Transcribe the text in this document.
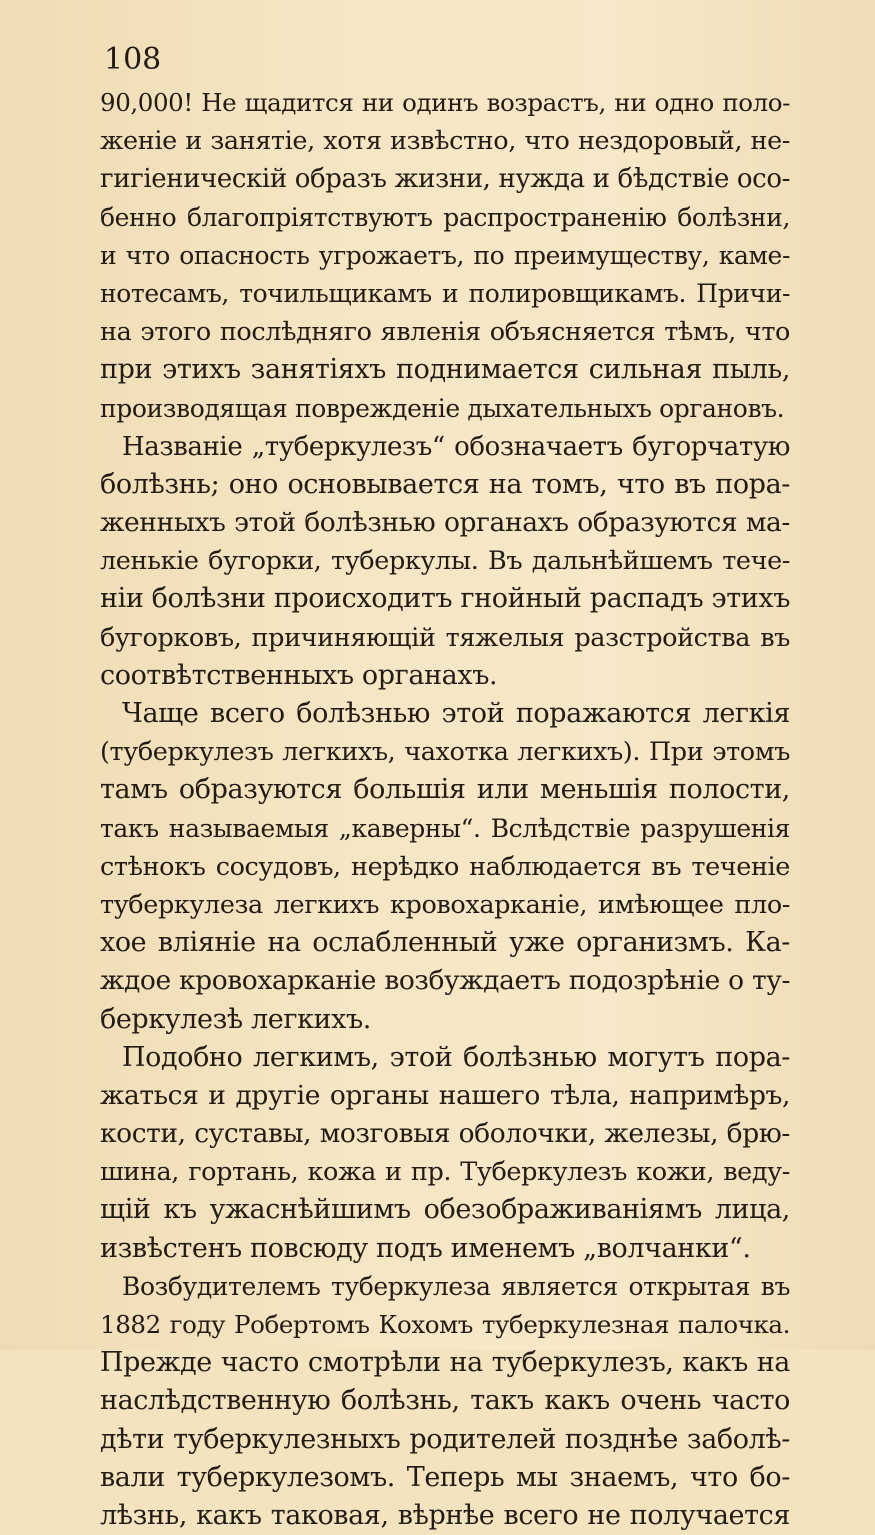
108
90,000! Не щадится ни одинъ возрастъ, ни одно поло-
женіе и занятіе, хотя извѣстно, что нездоровый, не-
гигіеническій образъ жизни, нужда и бѣдствіе осо-
бенно благопріятствуютъ распространенію болѣзни,
и что опасность угрожаетъ, по преимуществу, каме-
нотесамъ, точильщикамъ и полировщикамъ. Причи-
на этого послѣдняго явленія объясняется тѣмъ, что
при этихъ занятіяхъ поднимается сильная пыль,
производящая поврежденіе дыхательныхъ органовъ.
Названіе „туберкулезъ“ обозначаетъ бугорчатую
болѣзнь; оно основывается на томъ, что въ пора-
женныхъ этой болѣзнью органахъ образуются ма-
ленькіе бугорки, туберкулы. Въ дальнѣйшемъ тече-
ніи болѣзни происходитъ гнойный распадъ этихъ
бугорковъ, причиняющій тяжелыя разстройства въ
соотвѣтственныхъ органахъ.
Чаще всего болѣзнью этой поражаются легкія
(туберкулезъ легкихъ, чахотка легкихъ). При этомъ
тамъ образуются большія или меньшія полости,
такъ называемыя „каверны“. Вслѣдствіе разрушенія
стѣнокъ сосудовъ, нерѣдко наблюдается въ теченіе
туберкулеза легкихъ кровохарканіе, имѣющее пло-
хое вліяніе на ослабленный уже организмъ. Ка-
ждое кровохарканіе возбуждаетъ подозрѣніе о ту-
беркулезѣ легкихъ.
Подобно легкимъ, этой болѣзнью могутъ пора-
жаться и другіе органы нашего тѣла, напримѣръ,
кости, суставы, мозговыя оболочки, железы, брю-
шина, гортань, кожа и пр. Туберкулезъ кожи, веду-
щій къ ужаснѣйшимъ обезображиваніямъ лица,
извѣстенъ повсюду подъ именемъ „волчанки“.
Возбудителемъ туберкулеза является открытая въ
1882 году Робертомъ Кохомъ туберкулезная палочка.
Прежде часто смотрѣли на туберкулезъ, какъ на
наслѣдственную болѣзнь, такъ какъ очень часто
дѣти туберкулезныхъ родителей позднѣе заболѣ-
вали туберкулезомъ. Теперь мы знаемъ, что бо-
лѣзнь, какъ таковая, вѣрнѣе всего не получается
